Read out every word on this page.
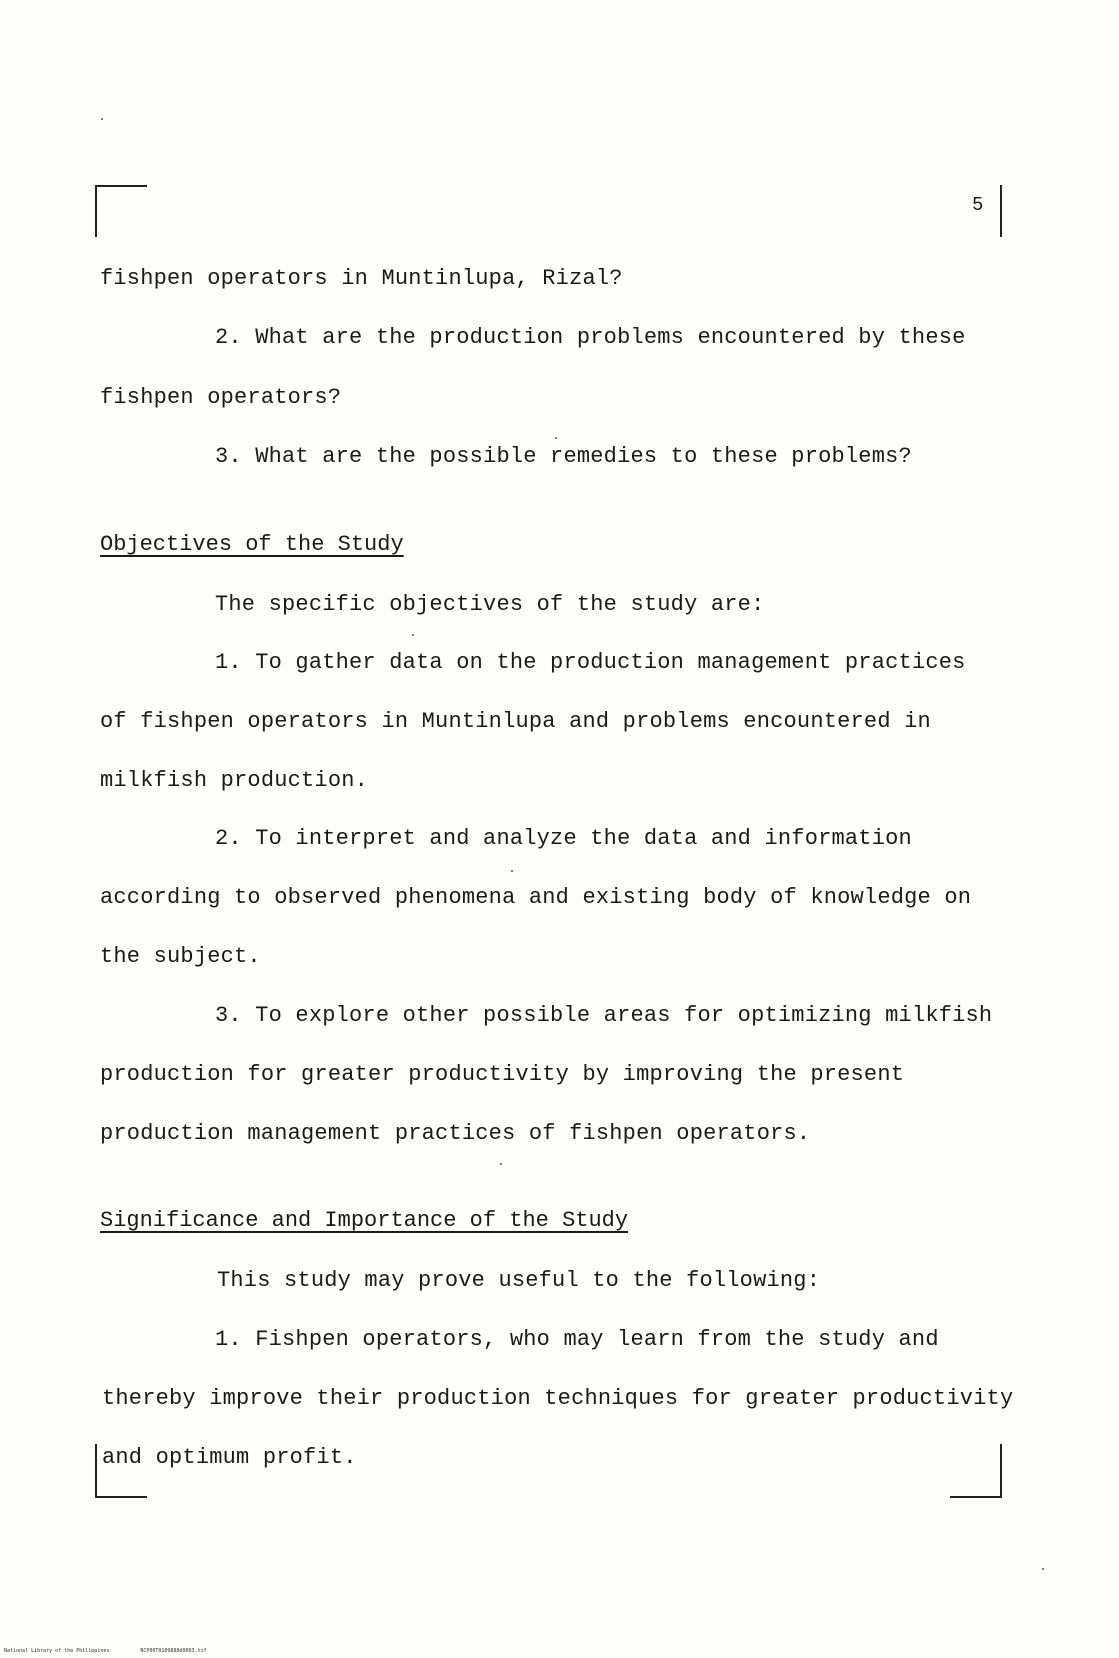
5
fishpen operators in Muntinlupa, Rizal?
2. What are the production problems encountered by these
fishpen operators?
3. What are the possible remedies to these problems?
Objectives of the Study
The specific objectives of the study are:
1. To gather data on the production management practices
of fishpen operators in Muntinlupa and problems encountered in
milkfish production.
2. To interpret and analyze the data and information
according to observed phenomena and existing body of knowledge on
the subject.
3. To explore other possible areas for optimizing milkfish
production for greater productivity by improving the present
production management practices of fishpen operators.
Significance and Importance of the Study
This study may prove useful to the following:
1. Fishpen operators, who may learn from the study and
thereby improve their production techniques for greater productivity
and optimum profit.
National Library of the Philippines	NCP00T0109888d0003.tif
